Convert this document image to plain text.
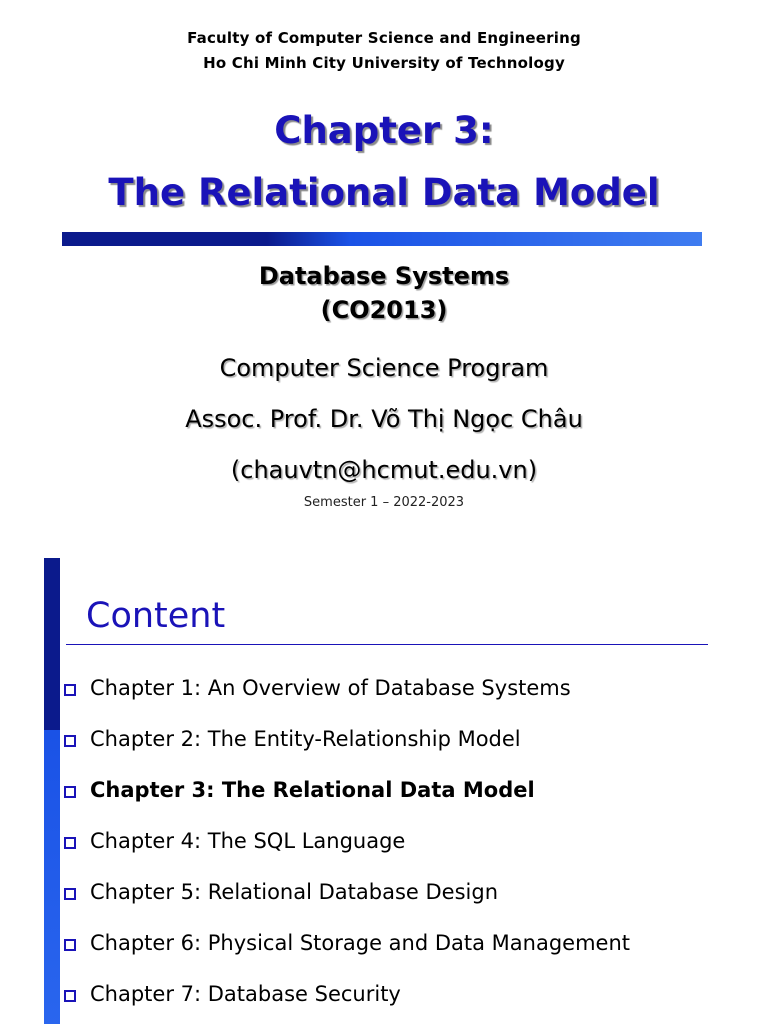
Faculty of Computer Science and Engineering
Ho Chi Minh City University of Technology
Chapter 3:
The Relational Data Model
Database Systems
(CO2013)
Computer Science Program
Assoc. Prof. Dr. Võ Thị Ngọc Châu
(chauvtn@hcmut.edu.vn)
Semester 1 – 2022-2023
Content
Chapter 1: An Overview of Database Systems
Chapter 2: The Entity-Relationship Model
Chapter 3: The Relational Data Model
Chapter 4: The SQL Language
Chapter 5: Relational Database Design
Chapter 6: Physical Storage and Data Management
Chapter 7: Database Security
